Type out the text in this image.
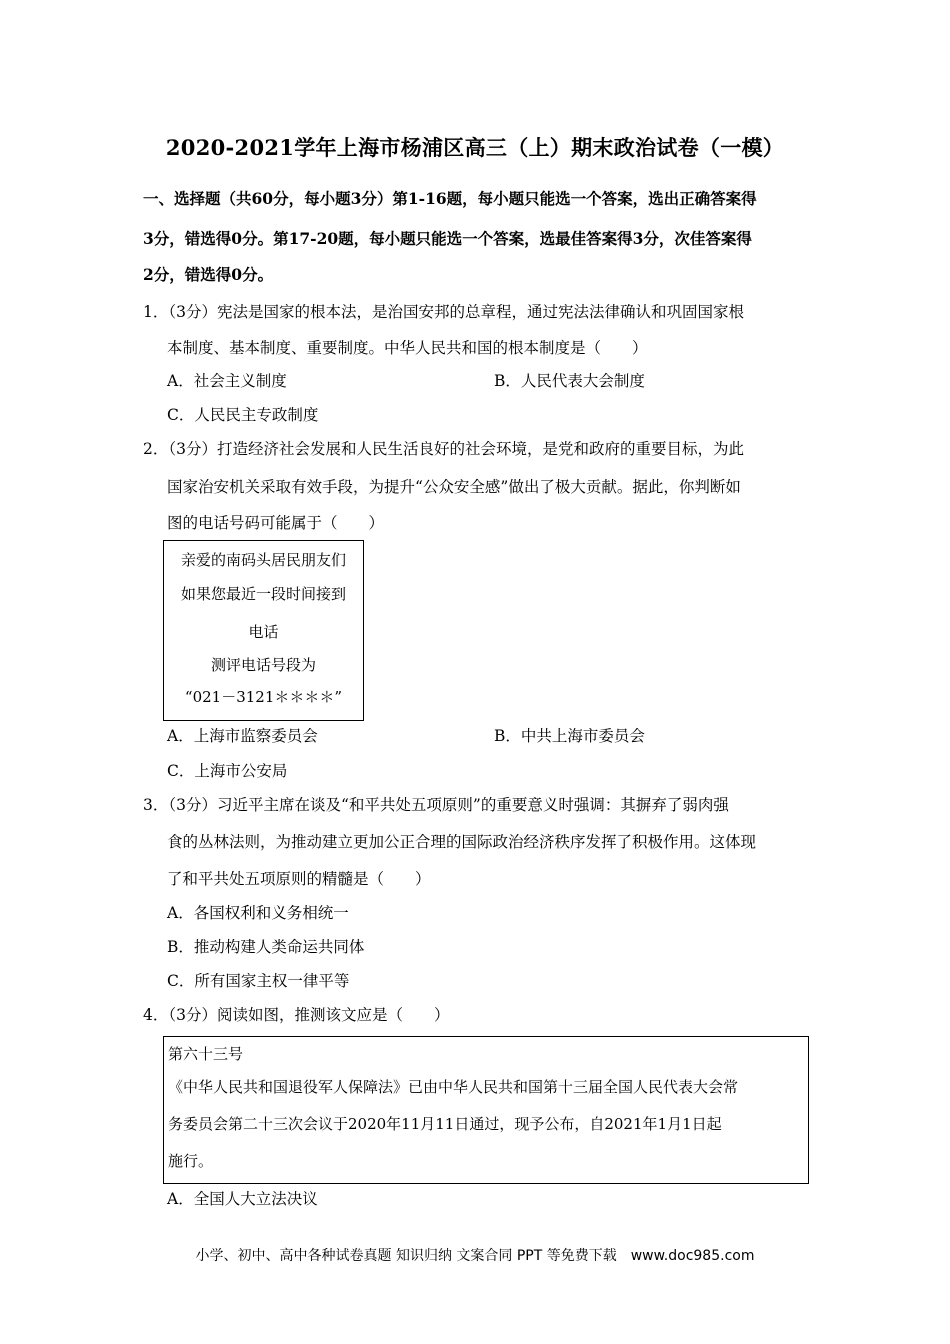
2020-2021学年上海市杨浦区高三（上）期末政治试卷（一模）
一、选择题（共60分，每小题3分）第1-16题，每小题只能选一个答案，选出正确答案得
3分，错选得0分。第17-20题，每小题只能选一个答案，选最佳答案得3分，次佳答案得
2分，错选得0分。
1．（3分）宪法是国家的根本法，是治国安邦的总章程，通过宪法法律确认和巩固国家根
本制度、基本制度、重要制度。中华人民共和国的根本制度是（　　）
A．社会主义制度	B．人民代表大会制度
C．人民民主专政制度
2．（3分）打造经济社会发展和人民生活良好的社会环境，是党和政府的重要目标，为此
国家治安机关采取有效手段，为提升“公众安全感”做出了极大贡献。据此，你判断如
图的电话号码可能属于（　　）
亲爱的南码头居民朋友们
如果您最近一段时间接到
电话
测评电话号段为
“021－3121＊＊＊＊”
A．上海市监察委员会	B．中共上海市委员会
C．上海市公安局
3．（3分）习近平主席在谈及“和平共处五项原则”的重要意义时强调：其摒弃了弱肉强
食的丛林法则，为推动建立更加公正合理的国际政治经济秩序发挥了积极作用。这体现
了和平共处五项原则的精髓是（　　）
A．各国权利和义务相统一
B．推动构建人类命运共同体
C．所有国家主权一律平等
4．（3分）阅读如图，推测该文应是（　　）
第六十三号
《中华人民共和国退役军人保障法》已由中华人民共和国第十三届全国人民代表大会常
务委员会第二十三次会议于2020年11月11日通过，现予公布，自2021年1月1日起
施行。
A．全国人大立法决议
小学、初中、高中各种试卷真题 知识归纳 文案合同 PPT 等免费下载　www.doc985.com
